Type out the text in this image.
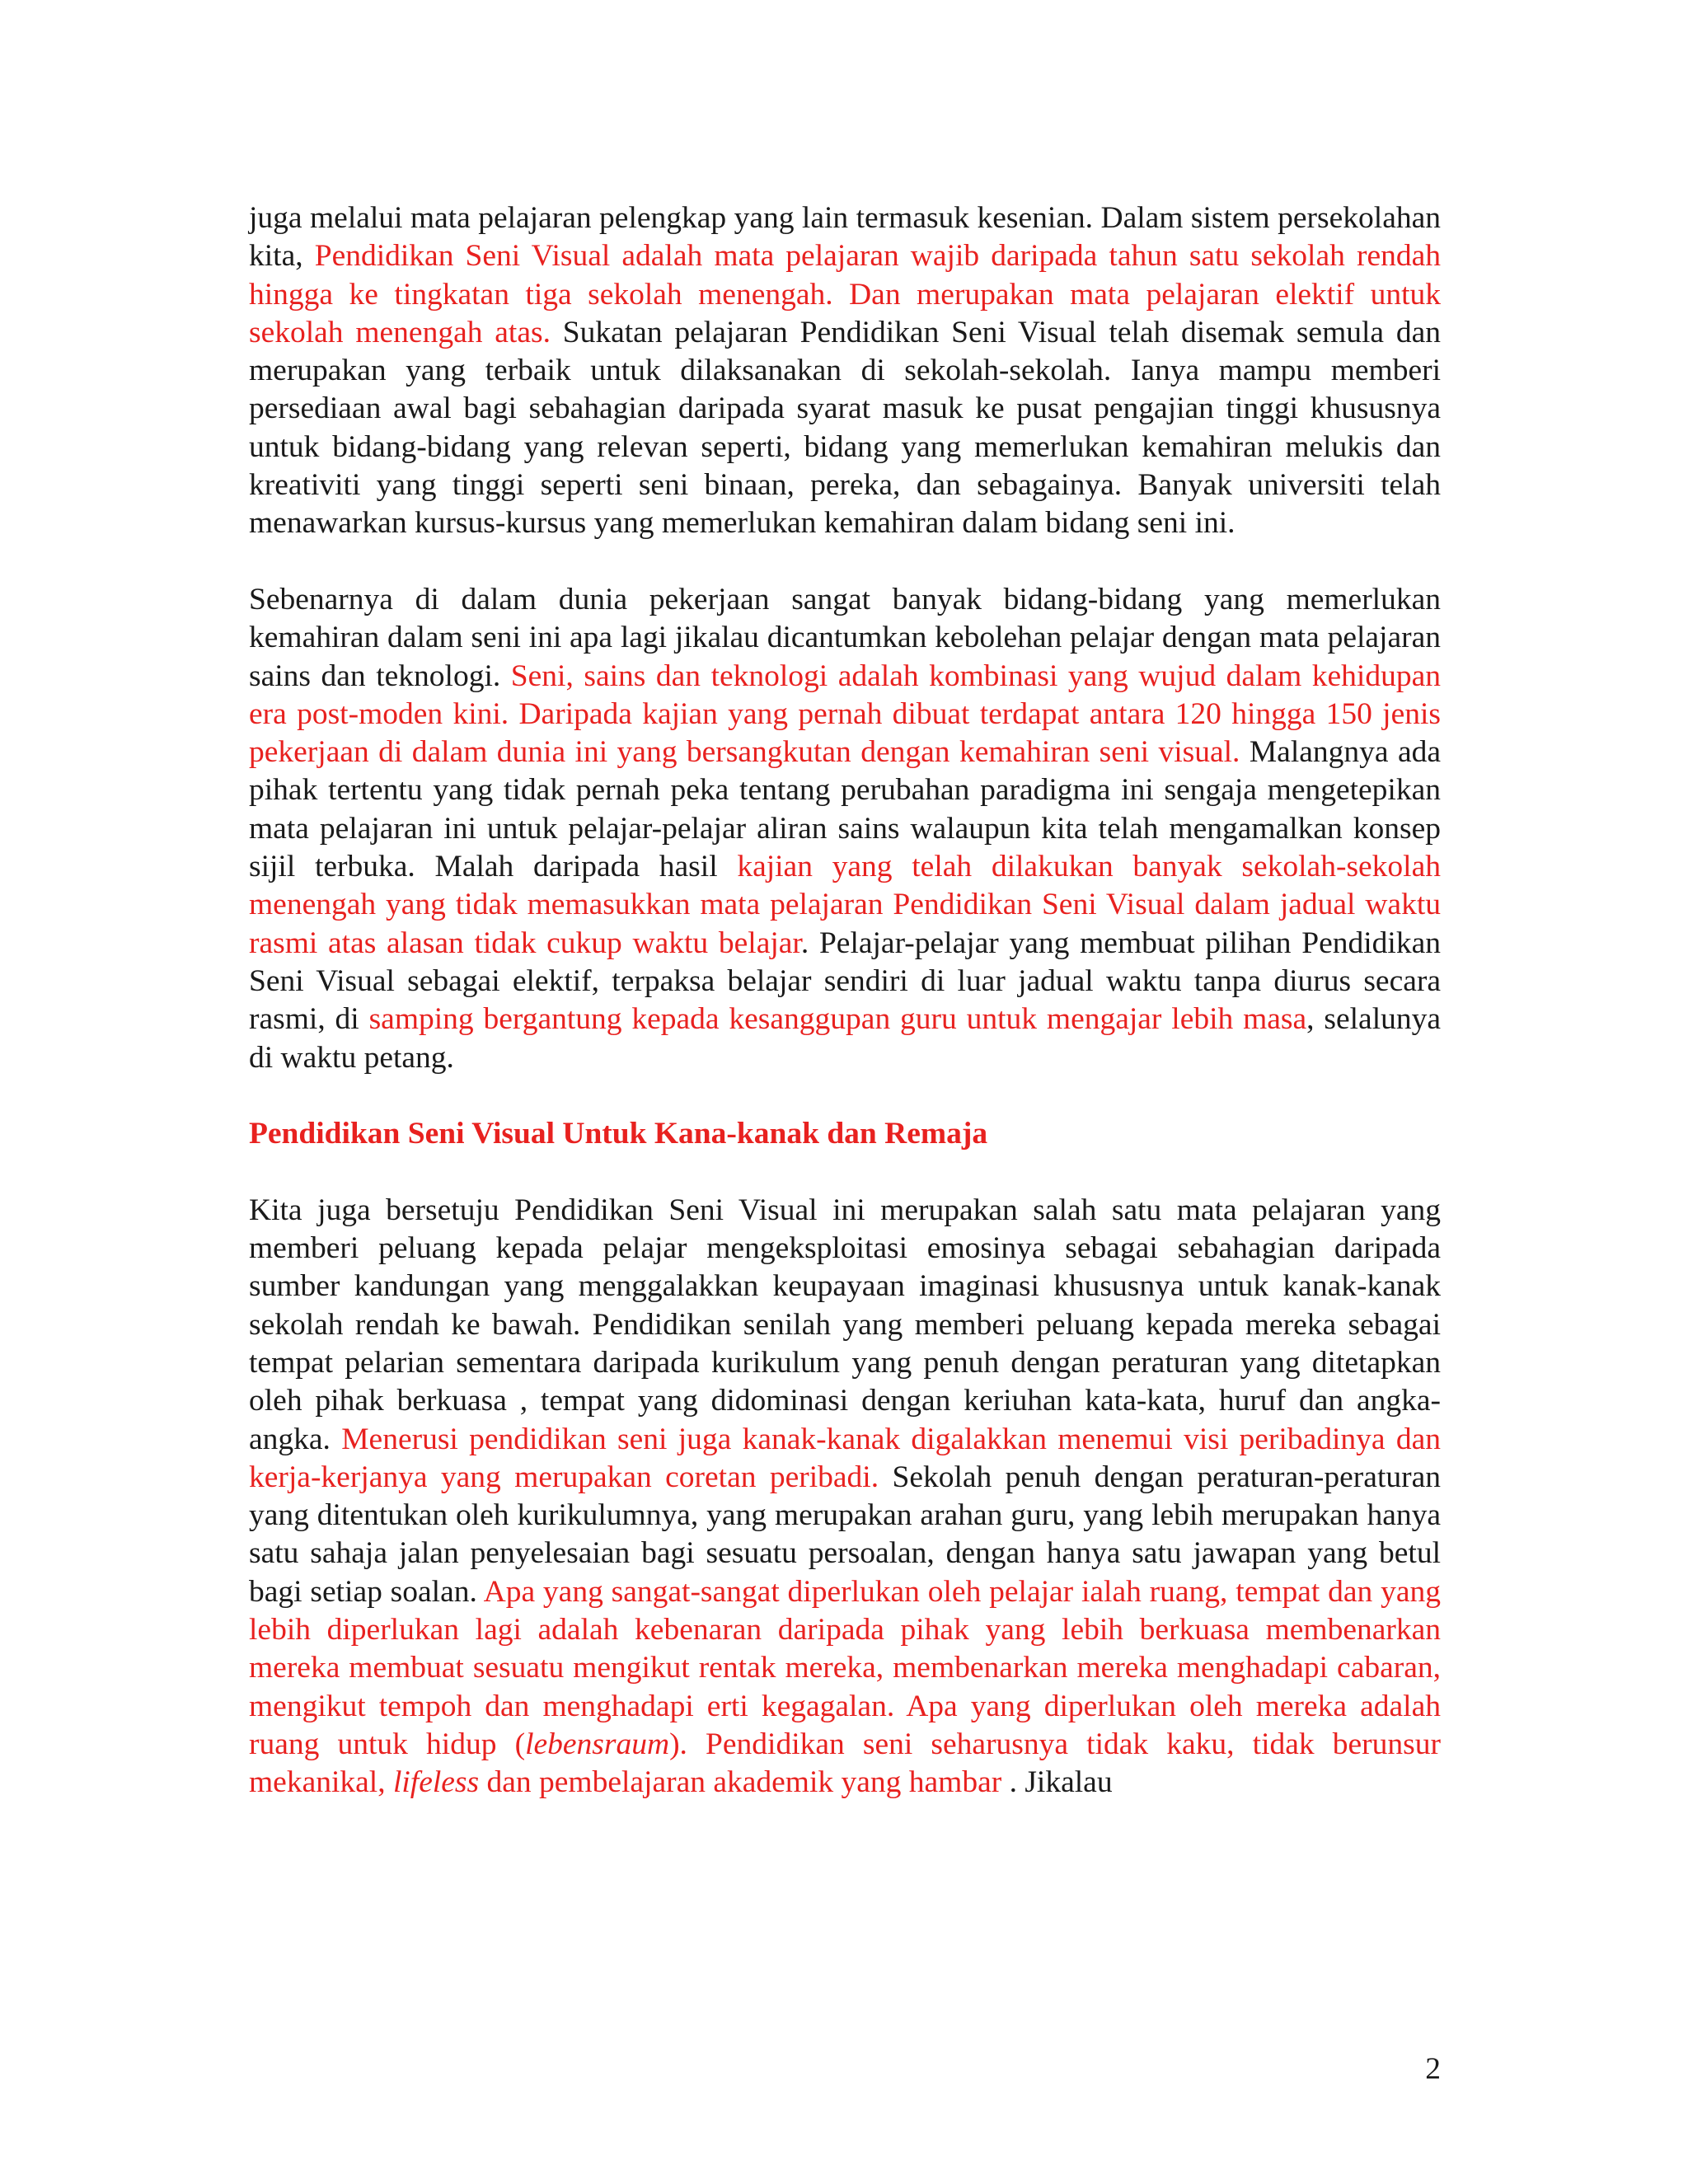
juga melalui mata pelajaran pelengkap yang lain termasuk kesenian. Dalam sistem persekolahan kita, Pendidikan Seni Visual adalah mata pelajaran wajib daripada tahun satu sekolah rendah hingga ke tingkatan tiga sekolah menengah. Dan merupakan mata pelajaran elektif untuk sekolah menengah atas. Sukatan pelajaran Pendidikan Seni Visual telah disemak semula dan merupakan yang terbaik untuk dilaksanakan di sekolah-sekolah. Ianya mampu memberi persediaan awal bagi sebahagian daripada syarat masuk ke pusat pengajian tinggi khususnya untuk bidang-bidang yang relevan seperti, bidang yang memerlukan kemahiran melukis dan kreativiti yang tinggi seperti seni binaan, pereka, dan sebagainya. Banyak universiti telah menawarkan kursus-kursus yang memerlukan kemahiran dalam bidang seni ini.

Sebenarnya di dalam dunia pekerjaan sangat banyak bidang-bidang yang memerlukan kemahiran dalam seni ini apa lagi jikalau dicantumkan kebolehan pelajar dengan mata pelajaran sains dan teknologi. Seni, sains dan teknologi adalah kombinasi yang wujud dalam kehidupan era post-moden kini. Daripada kajian yang pernah dibuat terdapat antara 120 hingga 150 jenis pekerjaan di dalam dunia ini yang bersangkutan dengan kemahiran seni visual. Malangnya ada pihak tertentu yang tidak pernah peka tentang perubahan paradigma ini sengaja mengetepikan mata pelajaran ini untuk pelajar-pelajar aliran sains walaupun kita telah mengamalkan konsep sijil terbuka. Malah daripada hasil kajian yang telah dilakukan banyak sekolah-sekolah menengah yang tidak memasukkan mata pelajaran Pendidikan Seni Visual dalam jadual waktu rasmi atas alasan tidak cukup waktu belajar. Pelajar-pelajar yang membuat pilihan Pendidikan Seni Visual sebagai elektif, terpaksa belajar sendiri di luar jadual waktu tanpa diurus secara rasmi, di samping bergantung kepada kesanggupan guru untuk mengajar lebih masa, selalunya di waktu petang.

Pendidikan Seni Visual Untuk Kana-kanak dan Remaja

Kita juga bersetuju Pendidikan Seni Visual ini merupakan salah satu mata pelajaran yang memberi peluang kepada pelajar mengeksploitasi emosinya sebagai sebahagian daripada sumber kandungan yang menggalakkan keupayaan imaginasi khususnya untuk kanak-kanak sekolah rendah ke bawah. Pendidikan senilah yang memberi peluang kepada mereka sebagai tempat pelarian sementara daripada kurikulum yang penuh dengan peraturan yang ditetapkan oleh pihak berkuasa , tempat yang didominasi dengan keriuhan kata-kata, huruf dan angka-angka. Menerusi pendidikan seni juga kanak-kanak digalakkan menemui visi peribadinya dan kerja-kerjanya yang merupakan coretan peribadi. Sekolah penuh dengan peraturan-peraturan yang ditentukan oleh kurikulumnya, yang merupakan arahan guru, yang lebih merupakan hanya satu sahaja jalan penyelesaian bagi sesuatu persoalan, dengan hanya satu jawapan yang betul bagi setiap soalan. Apa yang sangat-sangat diperlukan oleh pelajar ialah ruang, tempat dan yang lebih diperlukan lagi adalah kebenaran daripada pihak yang lebih berkuasa membenarkan mereka membuat sesuatu mengikut rentak mereka, membenarkan mereka menghadapi cabaran, mengikut tempoh dan menghadapi erti kegagalan. Apa yang diperlukan oleh mereka adalah ruang untuk hidup (lebensraum). Pendidikan seni seharusnya tidak kaku, tidak berunsur mekanikal, lifeless dan pembelajaran akademik yang hambar . Jikalau

2
